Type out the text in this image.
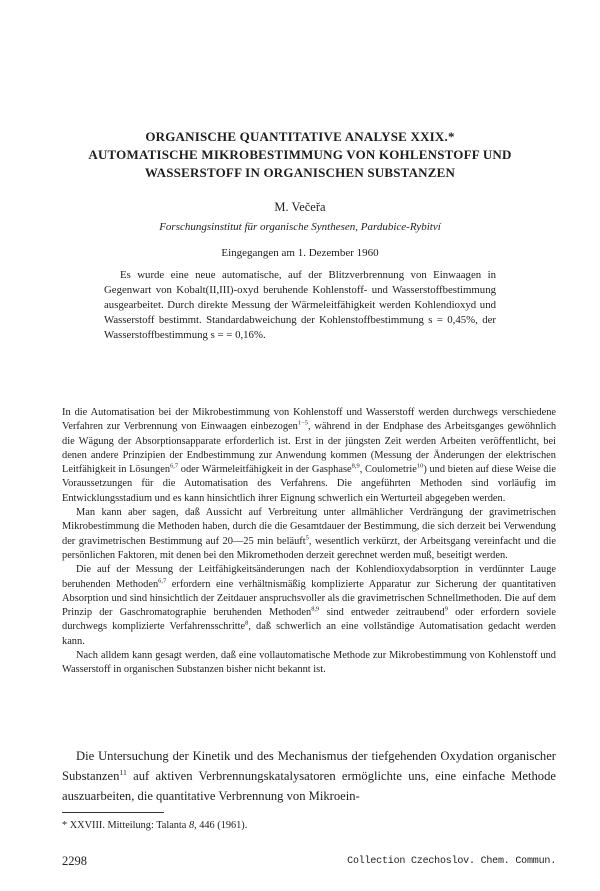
ORGANISCHE QUANTITATIVE ANALYSE XXIX.*
AUTOMATISCHE MIKROBESTIMMUNG VON KOHLENSTOFF UND
WASSERSTOFF IN ORGANISCHEN SUBSTANZEN
M. Večeřa
Forschungsinstitut für organische Synthesen, Pardubice-Rybitví
Eingegangen am 1. Dezember 1960

Es wurde eine neue automatische, auf der Blitzverbrennung von Einwaagen in Gegenwart von Kobalt(II,III)-oxyd beruhende Kohlenstoff- und Wasserstoffbestimmung ausgearbeitet. Durch direkte Messung der Wärmeleitfähigkeit werden Kohlendioxyd und Wasserstoff bestimmt. Standardabweichung der Kohlenstoffbestimmung s = 0,45%, der Wasserstoffbestimmung s = = 0,16%.

In die Automatisation bei der Mikrobestimmung von Kohlenstoff und Wasserstoff werden durchwegs verschiedene Verfahren zur Verbrennung von Einwaagen einbezogen$^{1-5}$, während in der Endphase des Arbeitsganges gewöhnlich die Wägung der Absorptionsapparate erforderlich ist. Erst in der jüngsten Zeit werden Arbeiten veröffentlicht, bei denen andere Prinzipien der Endbestimmung zur Anwendung kommen (Messung der Änderungen der elektrischen Leitfähigkeit in Lösungen$^{6,7}$ oder Wärmeleitfähigkeit in der Gasphase$^{8,9}$, Coulometrie$^{10}$) und bieten auf diese Weise die Voraussetzungen für die Automatisation des Verfahrens. Die angeführten Methoden sind vorläufig im Entwicklungsstadium und es kann hinsichtlich ihrer Eignung schwerlich ein Werturteil abgegeben werden.

Man kann aber sagen, daß Aussicht auf Verbreitung unter allmählicher Verdrängung der gravimetrischen Mikrobestimmung die Methoden haben, durch die die Gesamtdauer der Bestimmung, die sich derzeit bei Verwendung der gravimetrischen Bestimmung auf 20—25 min beläuft$^5$, wesentlich verkürzt, der Arbeitsgang vereinfacht und die persönlichen Faktoren, mit denen bei den Mikromethoden derzeit gerechnet werden muß, beseitigt werden.

Die auf der Messung der Leitfähigkeitsänderungen nach der Kohlendioxydabsorption in verdünnter Lauge beruhenden Methoden$^{6,7}$ erfordern eine verhältnismäßig komplizierte Apparatur zur Sicherung der quantitativen Absorption und sind hinsichtlich der Zeitdauer anspruchsvoller als die gravimetrischen Schnellmethoden. Die auf dem Prinzip der Gaschromatographie beruhenden Methoden$^{8,9}$ sind entweder zeitraubend$^9$ oder erfordern soviele durchwegs komplizierte Verfahrensschritte$^8$, daß schwerlich an eine vollständige Automatisation gedacht werden kann.

Nach alldem kann gesagt werden, daß eine vollautomatische Methode zur Mikrobestimmung von Kohlenstoff und Wasserstoff in organischen Substanzen bisher nicht bekannt ist.

Die Untersuchung der Kinetik und des Mechanismus der tiefgehenden Oxydation organischer Substanzen$^{11}$ auf aktiven Verbrennungskatalysatoren ermöglichte uns, eine einfache Methode auszuarbeiten, die quantitative Verbrennung von Mikroein-

* XXVIII. Mitteilung: Talanta 8, 446 (1961).
2298	Collection Czechoslov. Chem. Commun.
